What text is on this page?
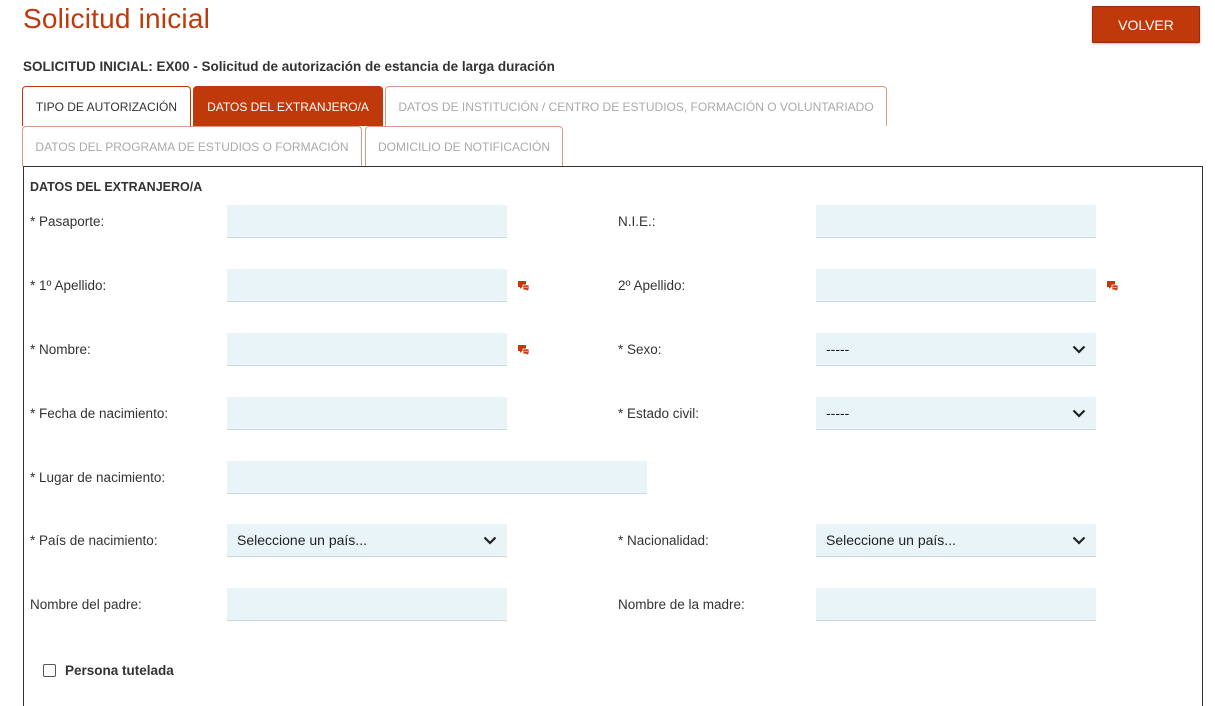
Solicitud inicial	VOLVER
SOLICITUD INICIAL: EX00 - Solicitud de autorización de estancia de larga duración
TIPO DE AUTORIZACIÓN	DATOS DEL EXTRANJERO/A	DATOS DE INSTITUCIÓN / CENTRO DE ESTUDIOS, FORMACIÓN O VOLUNTARIADO
DATOS DEL PROGRAMA DE ESTUDIOS O FORMACIÓN	DOMICILIO DE NOTIFICACIÓN
DATOS DEL EXTRANJERO/A
* Pasaporte:	N.I.E.:
* 1º Apellido:	2º Apellido:
* Nombre:	* Sexo:	-----
* Fecha de nacimiento:	* Estado civil:	-----
* Lugar de nacimiento:
* País de nacimiento:	Seleccione un país...	* Nacionalidad:	Seleccione un país...
Nombre del padre:	Nombre de la madre:
Persona tutelada
